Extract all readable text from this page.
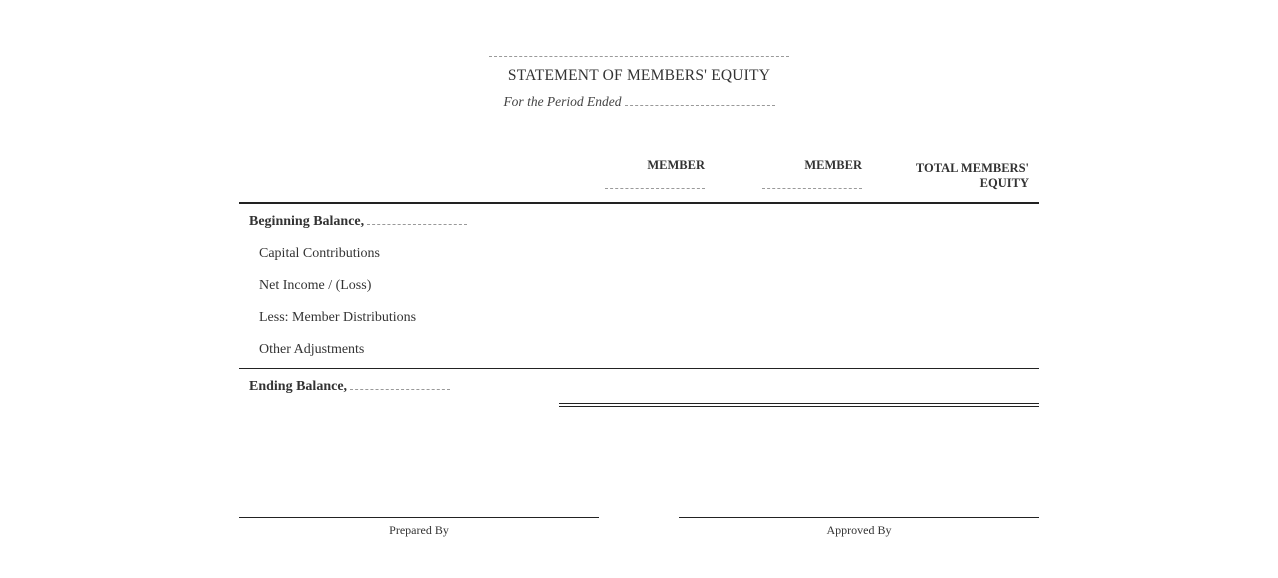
STATEMENT OF MEMBERS' EQUITY
For the Period Ended
MEMBER	MEMBER	TOTAL MEMBERS'
EQUITY
Beginning Balance,
Capital Contributions
Net Income / (Loss)
Less: Member Distributions
Other Adjustments
Ending Balance,
Prepared By	Approved By
